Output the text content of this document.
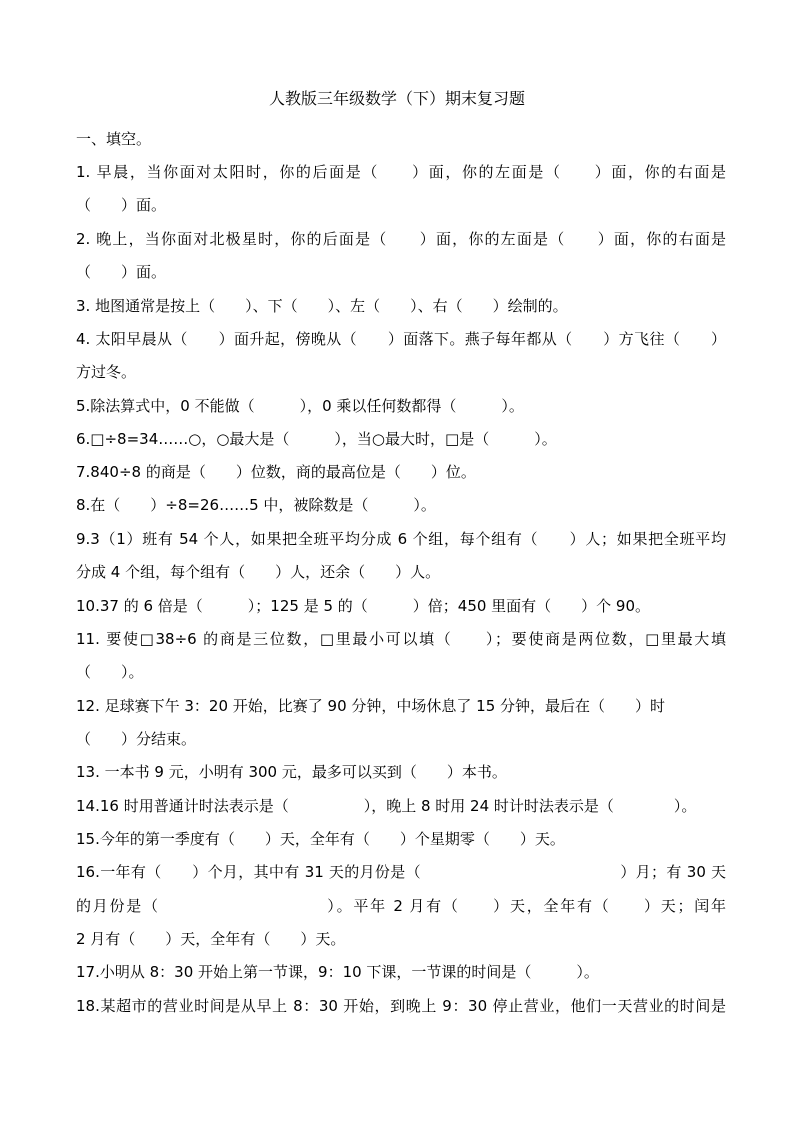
人教版三年级数学（下）期末复习题
一、填空。
1. 早晨，当你面对太阳时，你的后面是（　　）面，你的左面是（　　）面，你的右面是
（　　）面。
2. 晚上，当你面对北极星时，你的后面是（　　）面，你的左面是（　　）面，你的右面是
（　　）面。
3. 地图通常是按上（　　）、下（　　）、左（　　）、右（　　）绘制的。
4. 太阳早晨从（　　）面升起，傍晚从（　　）面落下。燕子每年都从（　　）方飞往（　　）
方过冬。
5.除法算式中，0 不能做（　　　），0 乘以任何数都得（　　　）。
6.□÷8=34……○，○最大是（　　　），当○最大时，□是（　　　）。
7.840÷8 的商是（　　）位数，商的最高位是（　　）位。
8.在（　　）÷8=26……5 中，被除数是（　　　）。
9.3（1）班有 54 个人，如果把全班平均分成 6 个组，每个组有（　　）人；如果把全班平均
分成 4 个组，每个组有（　　）人，还余（　　）人。
10.37 的 6 倍是（　　　）；125 是 5 的（　　　）倍；450 里面有（　　）个 90。
11. 要使□38÷6 的商是三位数，□里最小可以填（　　）；要使商是两位数，□里最大填
（　　）。
12. 足球赛下午 3：20 开始，比赛了 90 分钟，中场休息了 15 分钟，最后在（　　）时
（　　）分结束。
13. 一本书 9 元，小明有 300 元，最多可以买到（　　）本书。
14.16 时用普通计时法表示是（　　　　　），晚上 8 时用 24 时计时法表示是（　　　　）。
15.今年的第一季度有（　　）天，全年有（　　）个星期零（　　）天。
16.一年有（　　）个月，其中有 31 天的月份是（　　　　　　　　　　　　　）月；有 30 天
的月份是（　　　　　　　　　　）。平年 2 月有（　　）天，全年有（　　）天；闰年
2 月有（　　）天，全年有（　　）天。
17.小明从 8：30 开始上第一节课，9：10 下课，一节课的时间是（　　　）。
18.某超市的营业时间是从早上 8：30 开始，到晚上 9：30 停止营业，他们一天营业的时间是
